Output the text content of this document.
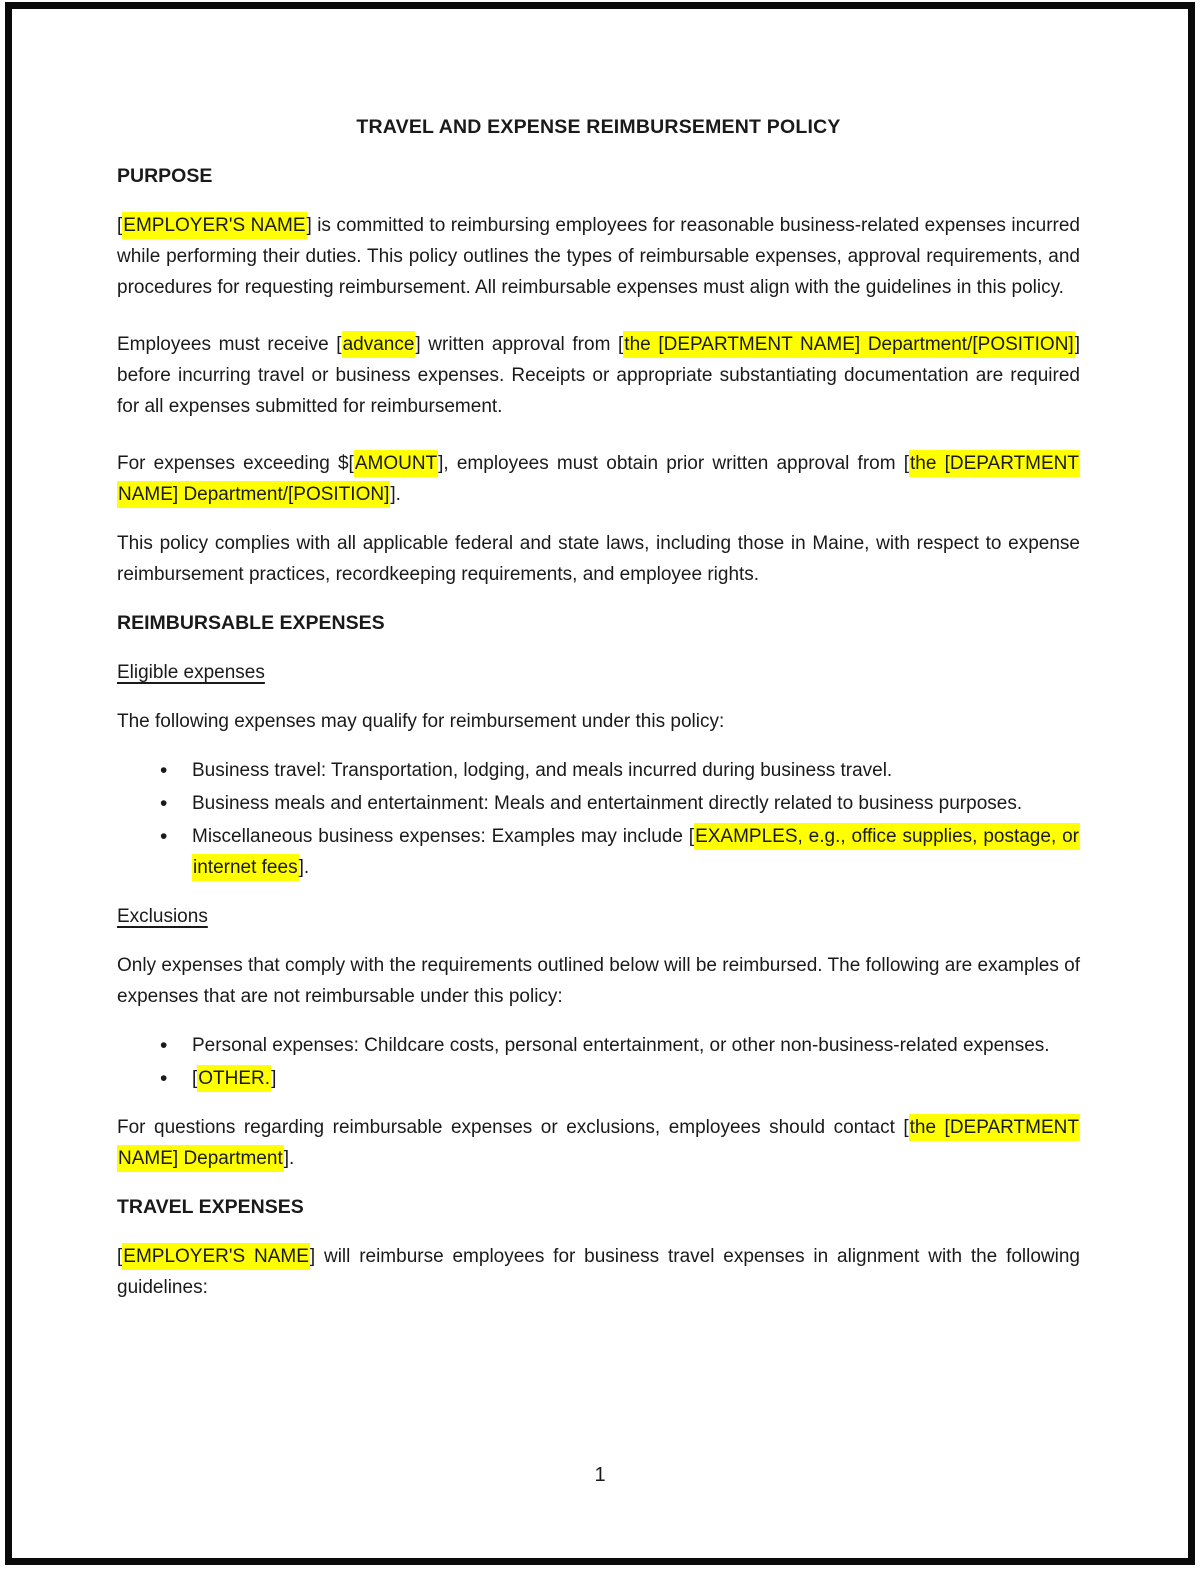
TRAVEL AND EXPENSE REIMBURSEMENT POLICY
PURPOSE

[EMPLOYER'S NAME] is committed to reimbursing employees for reasonable business-related expenses incurred while performing their duties. This policy outlines the types of reimbursable expenses, approval requirements, and procedures for requesting reimbursement. All reimbursable expenses must align with the guidelines in this policy.

Employees must receive [advance] written approval from [the [DEPARTMENT NAME] Department/[POSITION]] before incurring travel or business expenses. Receipts or appropriate substantiating documentation are required for all expenses submitted for reimbursement.

For expenses exceeding $[AMOUNT], employees must obtain prior written approval from [the [DEPARTMENT NAME] Department/[POSITION]].

This policy complies with all applicable federal and state laws, including those in Maine, with respect to expense reimbursement practices, recordkeeping requirements, and employee rights.

REIMBURSABLE EXPENSES
Eligible expenses

The following expenses may qualify for reimbursement under this policy:

• Business travel: Transportation, lodging, and meals incurred during business travel.
• Business meals and entertainment: Meals and entertainment directly related to business purposes.
• Miscellaneous business expenses: Examples may include [EXAMPLES, e.g., office supplies, postage, or internet fees].
Exclusions

Only expenses that comply with the requirements outlined below will be reimbursed. The following are examples of expenses that are not reimbursable under this policy:

• Personal expenses: Childcare costs, personal entertainment, or other non-business-related expenses.
• [OTHER.]

For questions regarding reimbursable expenses or exclusions, employees should contact [the [DEPARTMENT NAME] Department].

TRAVEL EXPENSES

[EMPLOYER'S NAME] will reimburse employees for business travel expenses in alignment with the following guidelines:

1
